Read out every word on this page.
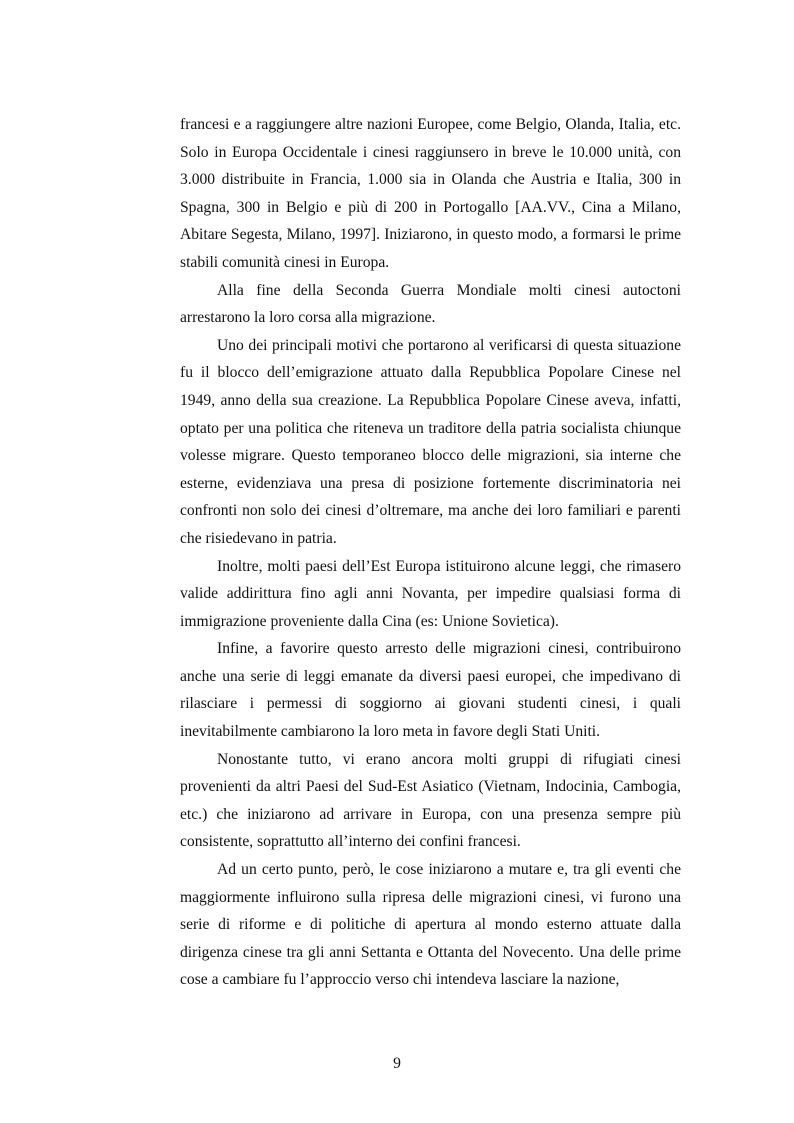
francesi e a raggiungere altre nazioni Europee, come Belgio, Olanda, Italia, etc. Solo in Europa Occidentale i cinesi raggiunsero in breve le 10.000 unità, con 3.000 distribuite in Francia, 1.000 sia in Olanda che Austria e Italia, 300 in Spagna, 300 in Belgio e più di 200 in Portogallo [AA.VV., Cina a Milano, Abitare Segesta, Milano, 1997]. Iniziarono, in questo modo, a formarsi le prime stabili comunità cinesi in Europa.

Alla fine della Seconda Guerra Mondiale molti cinesi autoctoni arrestarono la loro corsa alla migrazione.

Uno dei principali motivi che portarono al verificarsi di questa situazione fu il blocco dell’emigrazione attuato dalla Repubblica Popolare Cinese nel 1949, anno della sua creazione. La Repubblica Popolare Cinese aveva, infatti, optato per una politica che riteneva un traditore della patria socialista chiunque volesse migrare. Questo temporaneo blocco delle migrazioni, sia interne che esterne, evidenziava una presa di posizione fortemente discriminatoria nei confronti non solo dei cinesi d’oltremare, ma anche dei loro familiari e parenti che risiedevano in patria.

Inoltre, molti paesi dell’Est Europa istituirono alcune leggi, che rimasero valide addirittura fino agli anni Novanta, per impedire qualsiasi forma di immigrazione proveniente dalla Cina (es: Unione Sovietica).

Infine, a favorire questo arresto delle migrazioni cinesi, contribuirono anche una serie di leggi emanate da diversi paesi europei, che impedivano di rilasciare i permessi di soggiorno ai giovani studenti cinesi, i quali inevitabilmente cambiarono la loro meta in favore degli Stati Uniti.

Nonostante tutto, vi erano ancora molti gruppi di rifugiati cinesi provenienti da altri Paesi del Sud-Est Asiatico (Vietnam, Indocinia, Cambogia, etc.) che iniziarono ad arrivare in Europa, con una presenza sempre più consistente, soprattutto all’interno dei confini francesi.

Ad un certo punto, però, le cose iniziarono a mutare e, tra gli eventi che maggiormente influirono sulla ripresa delle migrazioni cinesi, vi furono una serie di riforme e di politiche di apertura al mondo esterno attuate dalla dirigenza cinese tra gli anni Settanta e Ottanta del Novecento. Una delle prime cose a cambiare fu l’approccio verso chi intendeva lasciare la nazione,

9
